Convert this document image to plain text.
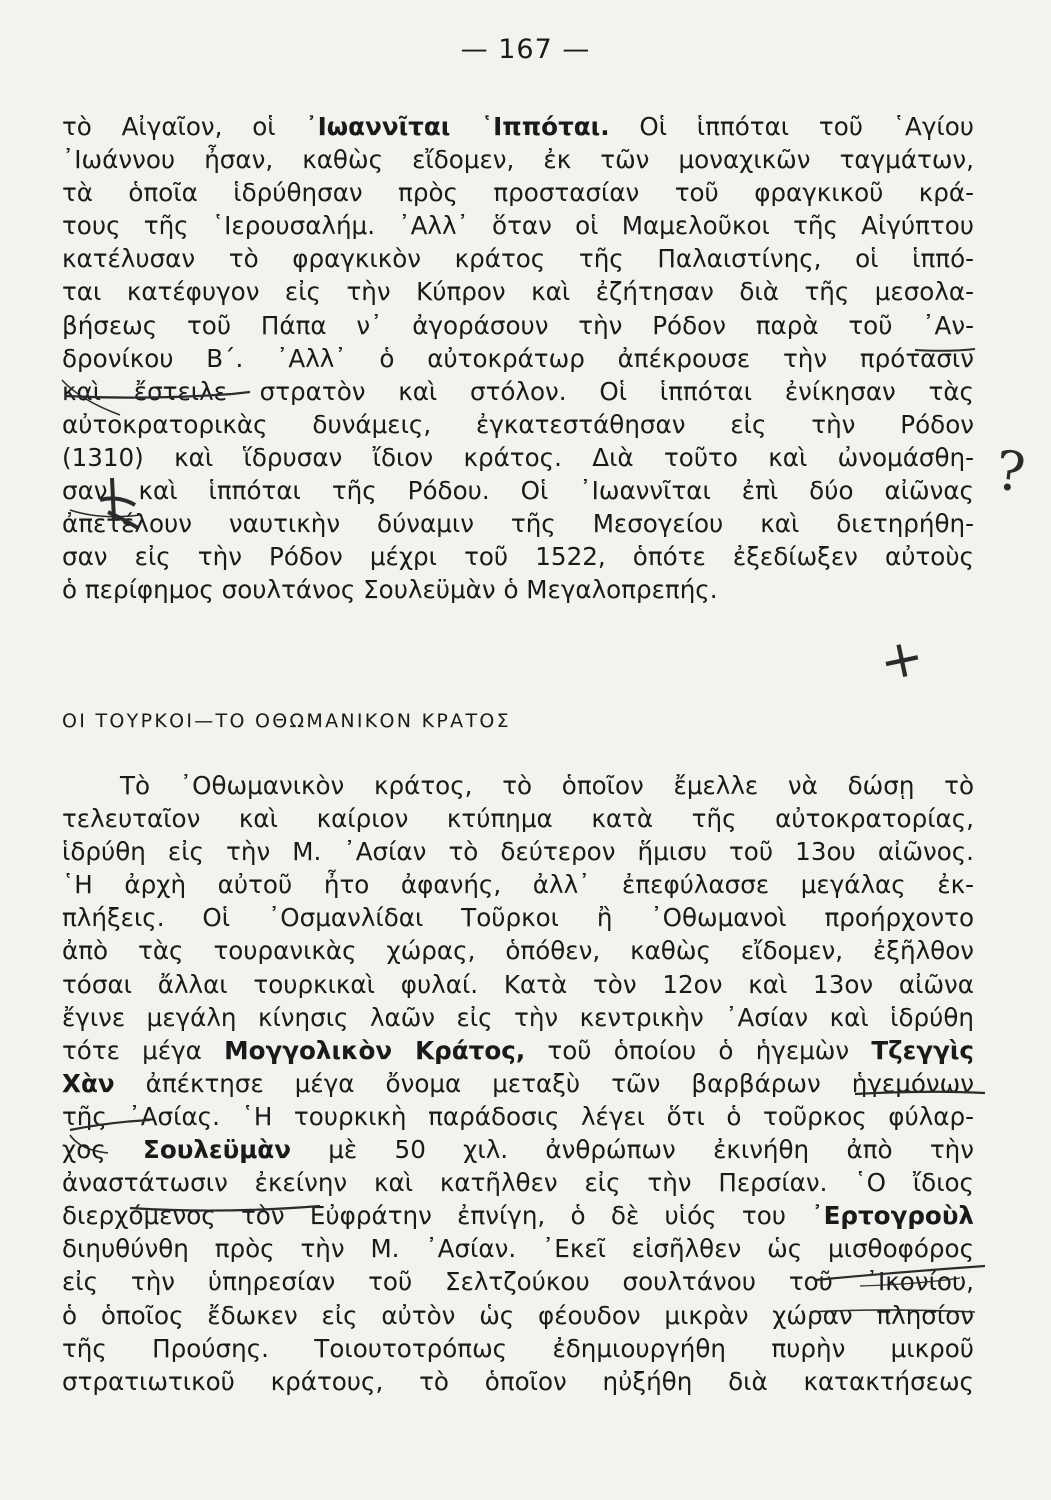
— 167 —
τὸ Αἰγαῖον, οἱ ᾿Ιωαννῖται ῾Ιππόται. Οἱ ἱππόται τοῦ ῾Αγίου
᾿Ιωάννου ἦσαν, καθὼς εἴδομεν, ἐκ τῶν μοναχικῶν ταγμάτων,
τὰ ὁποῖα ἱδρύθησαν πρὸς προστασίαν τοῦ φραγκικοῦ κρά-
τους τῆς ῾Ιερουσαλήμ. ᾿Αλλ᾿ ὅταν οἱ Μαμελοῦκοι τῆς Αἰγύπτου
κατέλυσαν τὸ φραγκικὸν κράτος τῆς Παλαιστίνης, οἱ ἱππό-
ται κατέφυγον εἰς τὴν Κύπρον καὶ ἐζήτησαν διὰ τῆς μεσολα-
βήσεως τοῦ Πάπα ν᾿ ἀγοράσουν τὴν Ρόδον παρὰ τοῦ ᾿Αν-
δρονίκου Β΄. ᾿Αλλ᾿ ὁ αὐτοκράτωρ ἀπέκρουσε τὴν πρότασιν
καὶ ἔστειλε στρατὸν καὶ στόλον. Οἱ ἱππόται ἐνίκησαν τὰς
αὐτοκρατορικὰς δυνάμεις, ἐγκατεστάθησαν εἰς τὴν Ρόδον
(1310) καὶ ἵδρυσαν ἴδιον κράτος. Διὰ τοῦτο καὶ ὠνομάσθη-
σαν καὶ ἱππόται τῆς Ρόδου. Οἱ ᾿Ιωαννῖται ἐπὶ δύο αἰῶνας
ἀπετέλουν ναυτικὴν δύναμιν τῆς Μεσογείου καὶ διετηρήθη-
σαν εἰς τὴν Ρόδον μέχρι τοῦ 1522, ὁπότε ἐξεδίωξεν αὐτοὺς
ὁ περίφημος σουλτάνος Σουλεϋμὰν ὁ Μεγαλοπρεπής.
ΟΙ ΤΟΥΡΚΟΙ—ΤΟ ΟΘΩΜΑΝΙΚΟΝ ΚΡΑΤΟΣ
Τὸ ᾿Οθωμανικὸν κράτος, τὸ ὁποῖον ἔμελλε νὰ δώσῃ τὸ
τελευταῖον καὶ καίριον κτύπημα κατὰ τῆς αὐτοκρατορίας,
ἱδρύθη εἰς τὴν Μ. ᾿Ασίαν τὸ δεύτερον ἥμισυ τοῦ 13ου αἰῶνος.
῾Η ἀρχὴ αὐτοῦ ἦτο ἀφανής, ἀλλ᾿ ἐπεφύλασσε μεγάλας ἐκ-
πλήξεις. Οἱ ᾿Οσμανλίδαι Τοῦρκοι ἢ ᾿Οθωμανοὶ προήρχοντο
ἀπὸ τὰς τουρανικὰς χώρας, ὁπόθεν, καθὼς εἴδομεν, ἐξῆλθον
τόσαι ἄλλαι τουρκικαὶ φυλαί. Κατὰ τὸν 12ον καὶ 13ον αἰῶνα
ἔγινε μεγάλη κίνησις λαῶν εἰς τὴν κεντρικὴν ᾿Ασίαν καὶ ἱδρύθη
τότε μέγα Μογγολικὸν Κράτος, τοῦ ὁποίου ὁ ἡγεμὼν Τζεγγὶς
Χὰν ἀπέκτησε μέγα ὄνομα μεταξὺ τῶν βαρβάρων ἡγεμόνων
τῆς ᾿Ασίας. ῾Η τουρκικὴ παράδοσις λέγει ὅτι ὁ τοῦρκος φύλαρ-
χος Σουλεϋμὰν μὲ 50 χιλ. ἀνθρώπων ἐκινήθη ἀπὸ τὴν
ἀναστάτωσιν ἐκείνην καὶ κατῆλθεν εἰς τὴν Περσίαν. ῾Ο ἴδιος
διερχόμενος τὸν Εὐφράτην ἐπνίγη, ὁ δὲ υἱός του ᾿Ερτογροὺλ
διηυθύνθη πρὸς τὴν Μ. ᾿Ασίαν. ᾿Εκεῖ εἰσῆλθεν ὡς μισθοφόρος
εἰς τὴν ὑπηρεσίαν τοῦ Σελτζούκου σουλτάνου τοῦ ᾿Ικονίου,
ὁ ὁποῖος ἔδωκεν εἰς αὐτὸν ὡς φέουδον μικρὰν χώραν πλησίον
τῆς Προύσης. Τοιουτοτρόπως ἐδημιουργήθη πυρὴν μικροῦ
στρατιωτικοῦ κράτους, τὸ ὁποῖον ηὐξήθη διὰ κατακτήσεως
?
+
